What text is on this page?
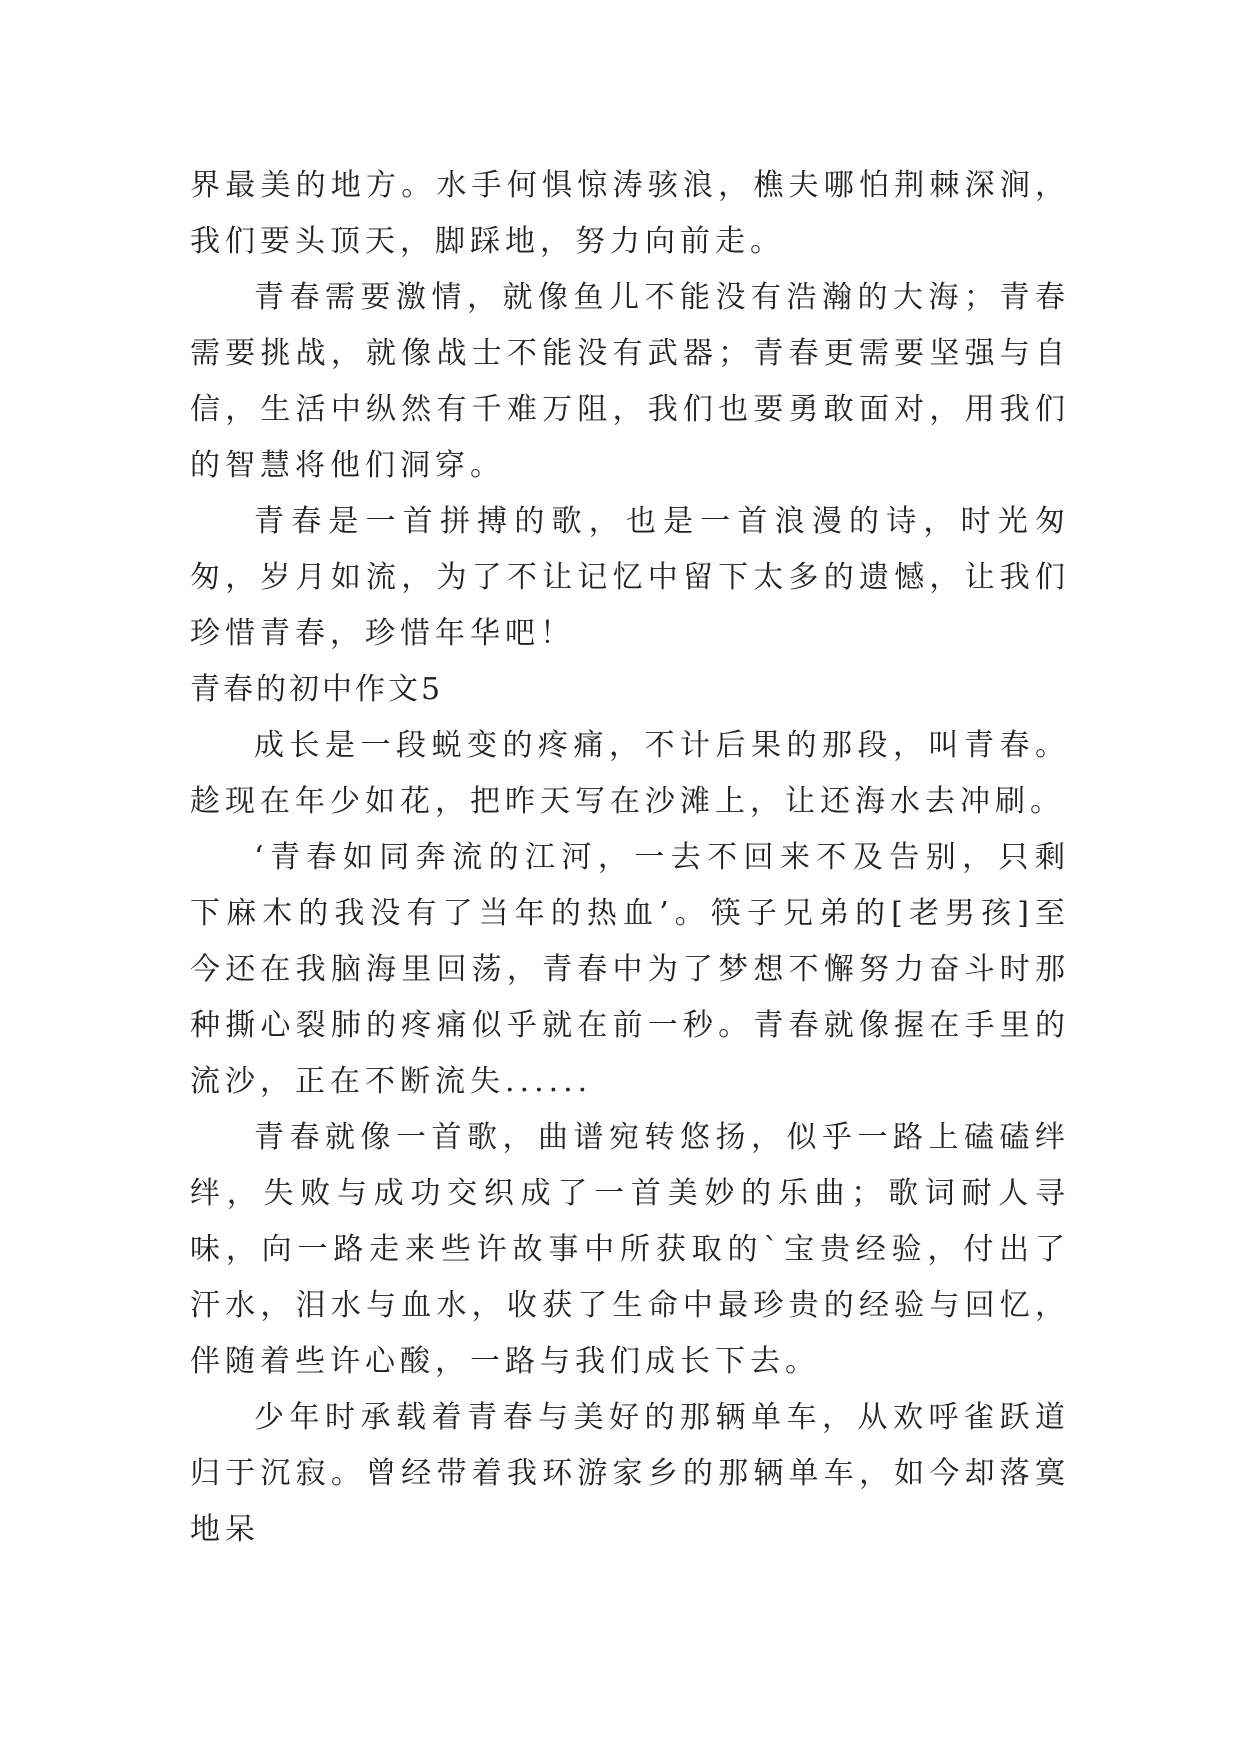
界最美的地方。水手何惧惊涛骇浪，樵夫哪怕荆棘深涧，我们要头顶天，脚踩地，努力向前走。

青春需要激情，就像鱼儿不能没有浩瀚的大海；青春需要挑战，就像战士不能没有武器；青春更需要坚强与自信，生活中纵然有千难万阻，我们也要勇敢面对，用我们的智慧将他们洞穿。

青春是一首拼搏的歌，也是一首浪漫的诗，时光匆匆，岁月如流，为了不让记忆中留下太多的遗憾，让我们珍惜青春，珍惜年华吧！

青春的初中作文5

成长是一段蜕变的疼痛，不计后果的那段，叫青春。趁现在年少如花，把昨天写在沙滩上，让还海水去冲刷。

‘青春如同奔流的江河，一去不回来不及告别，只剩下麻木的我没有了当年的热血’。筷子兄弟的[老男孩]至今还在我脑海里回荡，青春中为了梦想不懈努力奋斗时那种撕心裂肺的疼痛似乎就在前一秒。青春就像握在手里的流沙，正在不断流失......

青春就像一首歌，曲谱宛转悠扬，似乎一路上磕磕绊绊，失败与成功交织成了一首美妙的乐曲；歌词耐人寻味，向一路走来些许故事中所获取的`宝贵经验，付出了汗水，泪水与血水，收获了生命中最珍贵的经验与回忆，伴随着些许心酸，一路与我们成长下去。

少年时承载着青春与美好的那辆单车，从欢呼雀跃道归于沉寂。曾经带着我环游家乡的那辆单车，如今却落寞地呆
